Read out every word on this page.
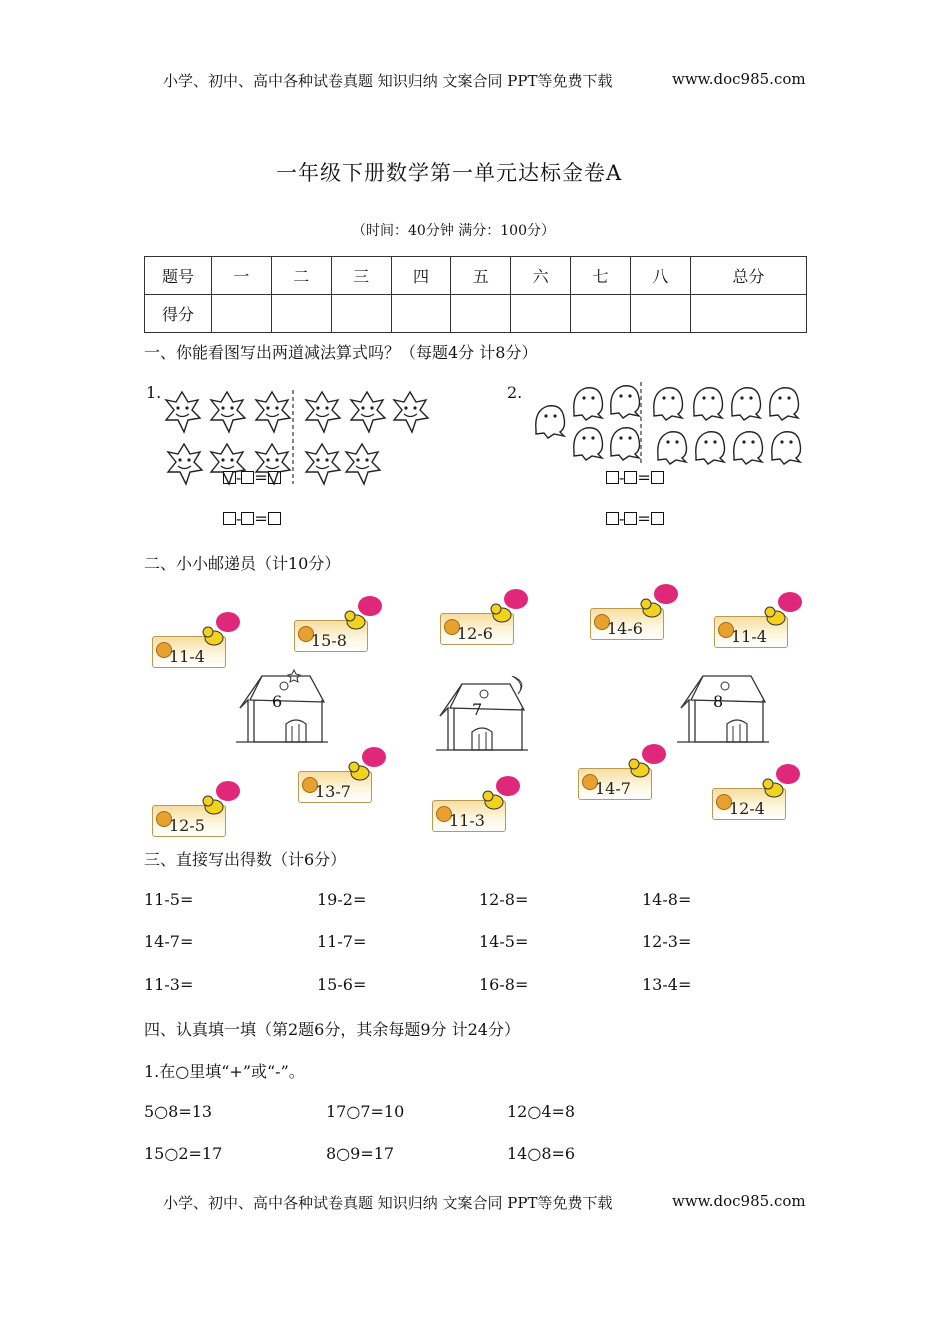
小学、初中、高中各种试卷真题 知识归纳 文案合同 PPT等免费下载	www.doc985.com
一年级下册数学第一单元达标金卷A
（时间：40分钟 满分：100分）
题号	一	二	三	四	五	六	七	八	总分
得分									
一、你能看图写出两道减法算式吗？（每题4分 计8分）
1.	2.
- =
- =
- =
- =
二、小小邮递员（计10分）
6	7	8
11-4
15-8	12-6	14-6	11-4
13-7	14-7
12-5	11-3
12-4
三、直接写出得数（计6分）
11-5=	19-2=	12-8=	14-8=
14-7=	11-7=	14-5=	12-3=
11-3=	15-6=	16-8=	13-4=
四、认真填一填（第2题6分，其余每题9分 计24分）
1.在○里填“+”或“-”。
5○8=13	17○7=10	12○4=8
15○2=17	8○9=17	14○8=6
小学、初中、高中各种试卷真题 知识归纳 文案合同 PPT等免费下载	www.doc985.com
